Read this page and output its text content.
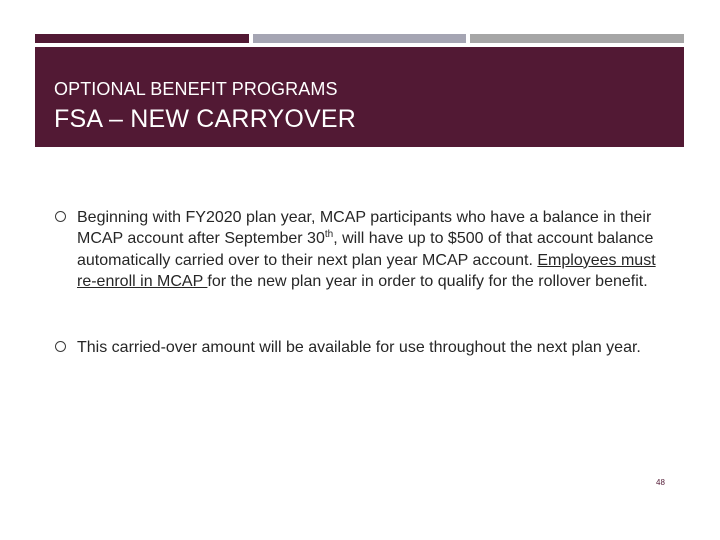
OPTIONAL BENEFIT PROGRAMS
FSA – NEW CARRYOVER
Beginning with FY2020 plan year, MCAP participants who have a balance in their MCAP account after September 30th, will have up to $500 of that account balance automatically carried over to their next plan year MCAP account. Employees must re-enroll in MCAP for the new plan year in order to qualify for the rollover benefit.
This carried-over amount will be available for use throughout the next plan year.
48
